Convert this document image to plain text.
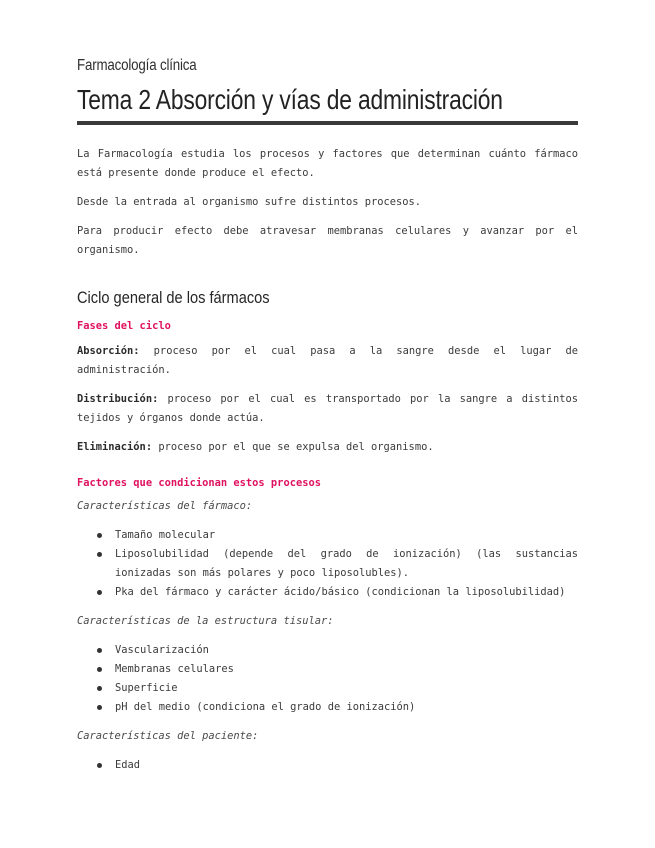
Farmacología clínica

Tema 2 Absorción y vías de administración

La Farmacología estudia los procesos y factores que determinan cuánto fármaco está presente donde produce el efecto.

Desde la entrada al organismo sufre distintos procesos.

Para producir efecto debe atravesar membranas celulares y avanzar por el organismo.

Ciclo general de los fármacos

Fases del ciclo

Absorción: proceso por el cual pasa a la sangre desde el lugar de administración.

Distribución: proceso por el cual es transportado por la sangre a distintos tejidos y órganos donde actúa.

Eliminación: proceso por el que se expulsa del organismo.

Factores que condicionan estos procesos

Características del fármaco:

Tamaño molecular
Liposolubilidad (depende del grado de ionización) (las sustancias ionizadas son más polares y poco liposolubles).
Pka del fármaco y carácter ácido/básico (condicionan la liposolubilidad)

Características de la estructura tisular:

Vascularización
Membranas celulares
Superficie
pH del medio (condiciona el grado de ionización)

Características del paciente:

Edad
